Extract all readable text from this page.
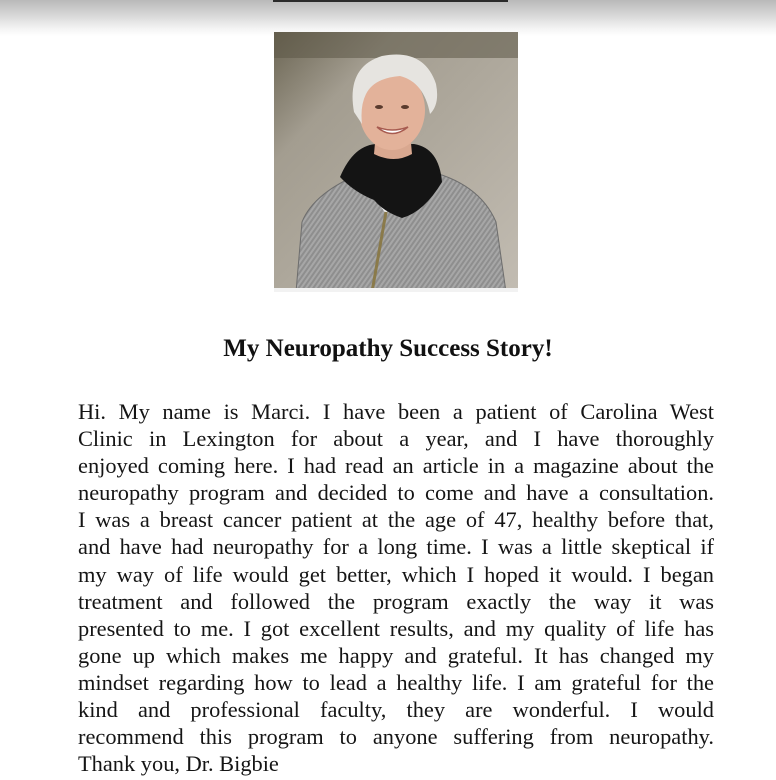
My Neuropathy Success Story!
Hi. My name is Marci. I have been a patient of Carolina West
Clinic in Lexington for about a year, and I have thoroughly
enjoyed coming here. I had read an article in a magazine about the
neuropathy program and decided to come and have a consultation.
I was a breast cancer patient at the age of 47, healthy before that,
and have had neuropathy for a long time. I was a little skeptical if
my way of life would get better, which I hoped it would. I began
treatment and followed the program exactly the way it was
presented to me. I got excellent results, and my quality of life has
gone up which makes me happy and grateful. It has changed my
mindset regarding how to lead a healthy life. I am grateful for the
kind and professional faculty, they are wonderful. I would
recommend this program to anyone suffering from neuropathy.
Thank you, Dr. Bigbie
